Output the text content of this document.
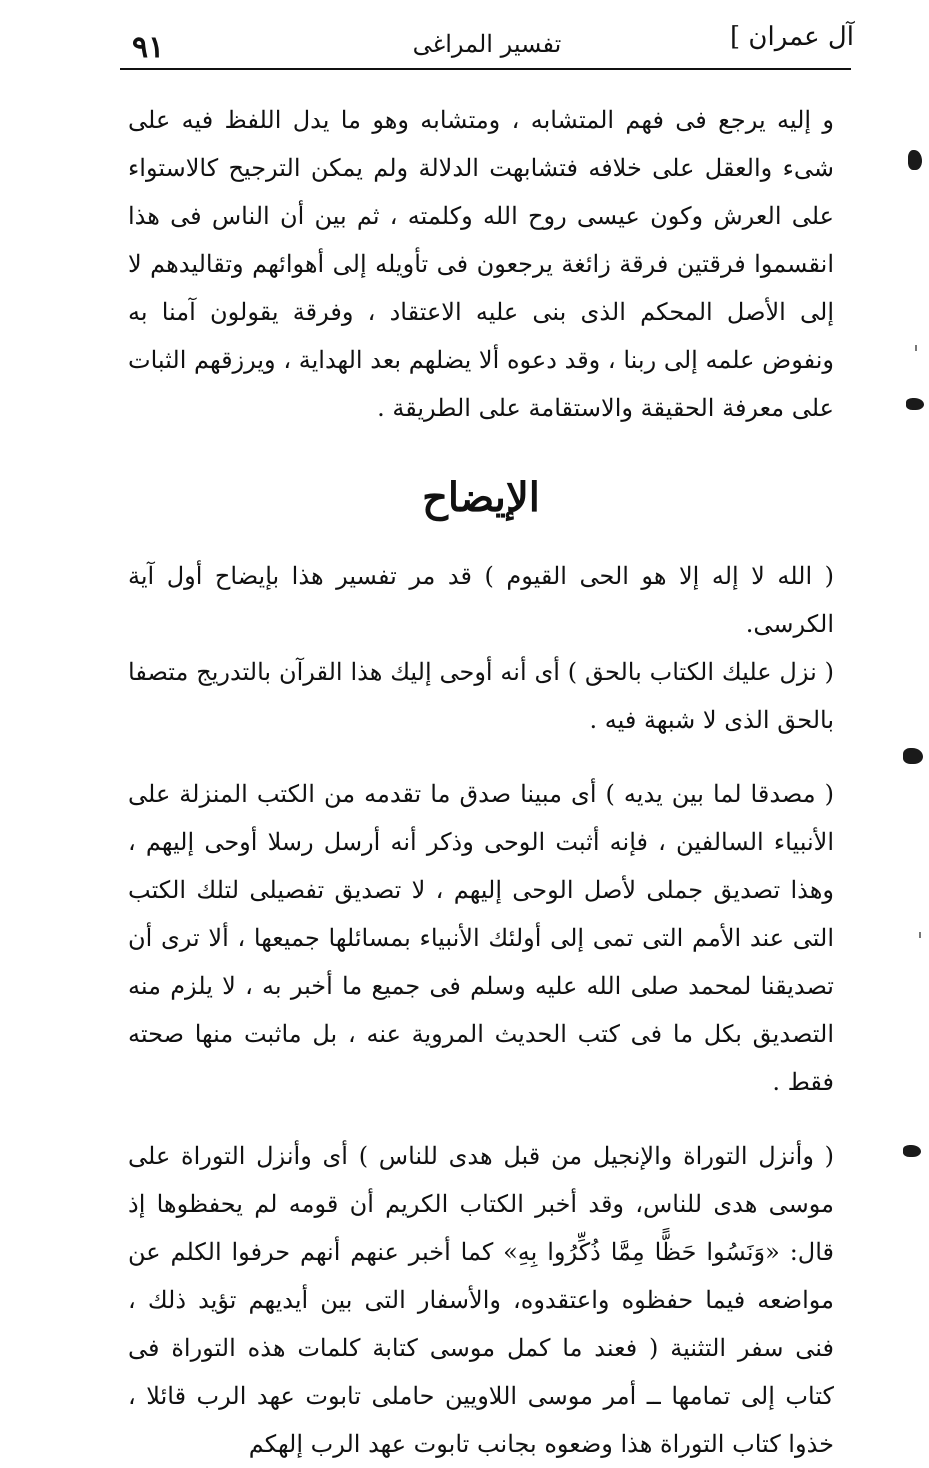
٩١	تفسير المراغى	آل عمران ]

و إليه يرجع فى فهم المتشابه ، ومتشابه وهو ما يدل اللفظ فيه على شىء والعقل على خلافه فتشابهت الدلالة ولم يمكن الترجيح كالاستواء على العرش وكون عيسى روح الله وكلمته ، ثم بين أن الناس فى هذا انقسموا فرقتين فرقة زائغة يرجعون فى تأويله إلى أهوائهم وتقاليدهم لا إلى الأصل المحكم الذى بنى عليه الاعتقاد ، وفرقة يقولون آمنا به ونفوض علمه إلى ربنا ، وقد دعوه ألا يضلهم بعد الهداية ، ويرزقهم الثبات على معرفة الحقيقة والاستقامة على الطريقة .

الإيضاح

( الله لا إله إلا هو الحى القيوم ) قد مر تفسير هذا بإيضاح أول آية الكرسى.

( نزل عليك الكتاب بالحق ) أى أنه أوحى إليك هذا القرآن بالتدريج متصفا بالحق الذى لا شبهة فيه .

( مصدقا لما بين يديه ) أى مبينا صدق ما تقدمه من الكتب المنزلة على الأنبياء السالفين ، فإنه أثبت الوحى وذكر أنه أرسل رسلا أوحى إليهم ، وهذا تصديق جملى لأصل الوحى إليهم ، لا تصديق تفصيلى لتلك الكتب التى عند الأمم التى تمى إلى أولئك الأنبياء بمسائلها جميعها ، ألا ترى أن تصديقنا لمحمد صلى الله عليه وسلم فى جميع ما أخبر به ، لا يلزم منه التصديق بكل ما فى كتب الحديث المروية عنه ، بل ماثبت منها صحته فقط .

( وأنزل التوراة والإنجيل من قبل هدى للناس ) أى وأنزل التوراة على موسى هدى للناس، وقد أخبر الكتاب الكريم أن قومه لم يحفظوها إذ قال: «وَنَسُوا حَظًّا مِمَّا ذُكِّرُوا بِهِ» كما أخبر عنهم أنهم حرفوا الكلم عن مواضعه فيما حفظوه واعتقدوه، والأسفار التى بين أيديهم تؤيد ذلك ، فنى سفر التثنية ( فعند ما كمل موسى كتابة كلمات هذه التوراة فى كتاب إلى تمامها ــ أمر موسى اللاويين حاملى تابوت عهد الرب قائلا ، خذوا كتاب التوراة هذا وضعوه بجانب تابوت عهد الرب إلهكم
